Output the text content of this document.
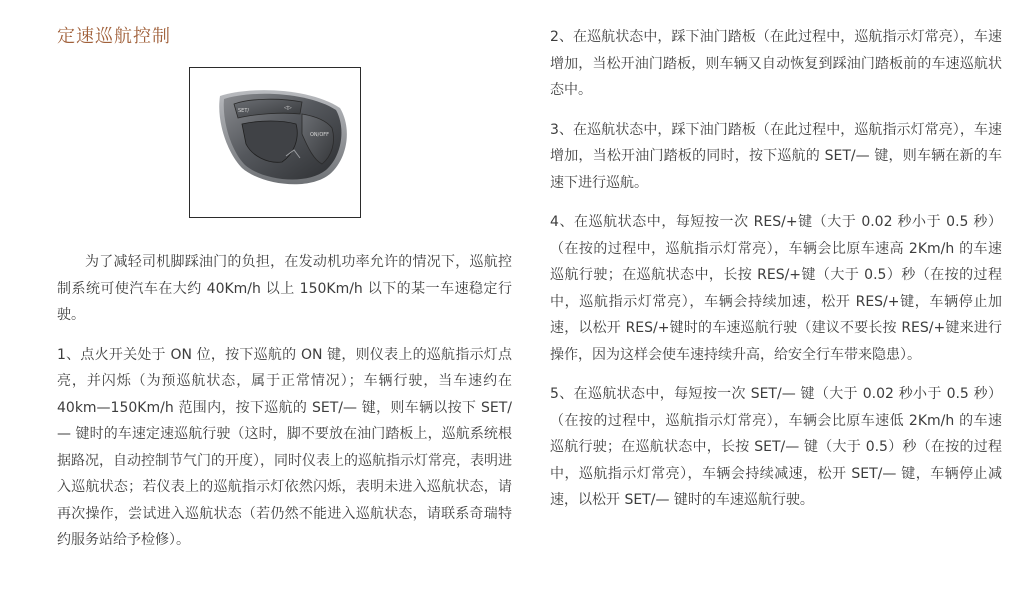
定速巡航控制
SET/	◁▷
ON/OFF

为了减轻司机脚踩油门的负担，在发动机功率允许的情况下，巡航控制系统可使汽车在大约 40Km/h 以上 150Km/h 以下的某一车速稳定行驶。

1、点火开关处于 ON 位，按下巡航的 ON 键，则仪表上的巡航指示灯点亮，并闪烁（为预巡航状态，属于正常情况）；车辆行驶，当车速约在 40km—150Km/h 范围内，按下巡航的 SET/— 键，则车辆以按下 SET/— 键时的车速定速巡航行驶（这时，脚不要放在油门踏板上，巡航系统根据路况，自动控制节气门的开度），同时仪表上的巡航指示灯常亮，表明进入巡航状态；若仪表上的巡航指示灯依然闪烁，表明未进入巡航状态，请再次操作，尝试进入巡航状态（若仍然不能进入巡航状态，请联系奇瑞特约服务站给予检修）。

2、在巡航状态中，踩下油门踏板（在此过程中，巡航指示灯常亮），车速增加，当松开油门踏板，则车辆又自动恢复到踩油门踏板前的车速巡航状态中。

3、在巡航状态中，踩下油门踏板（在此过程中，巡航指示灯常亮），车速增加，当松开油门踏板的同时，按下巡航的 SET/— 键，则车辆在新的车速下进行巡航。

4、在巡航状态中，每短按一次 RES/+键（大于 0.02 秒小于 0.5 秒）（在按的过程中，巡航指示灯常亮），车辆会比原车速高 2Km/h 的车速巡航行驶；在巡航状态中，长按 RES/+键（大于 0.5）秒（在按的过程中，巡航指示灯常亮），车辆会持续加速，松开 RES/+键，车辆停止加速，以松开 RES/+键时的车速巡航行驶（建议不要长按 RES/+键来进行操作，因为这样会使车速持续升高，给安全行车带来隐患）。

5、在巡航状态中，每短按一次 SET/— 键（大于 0.02 秒小于 0.5 秒）（在按的过程中，巡航指示灯常亮），车辆会比原车速低 2Km/h 的车速巡航行驶；在巡航状态中，长按 SET/— 键（大于 0.5）秒（在按的过程中，巡航指示灯常亮），车辆会持续减速，松开 SET/— 键，车辆停止减速，以松开 SET/— 键时的车速巡航行驶。
